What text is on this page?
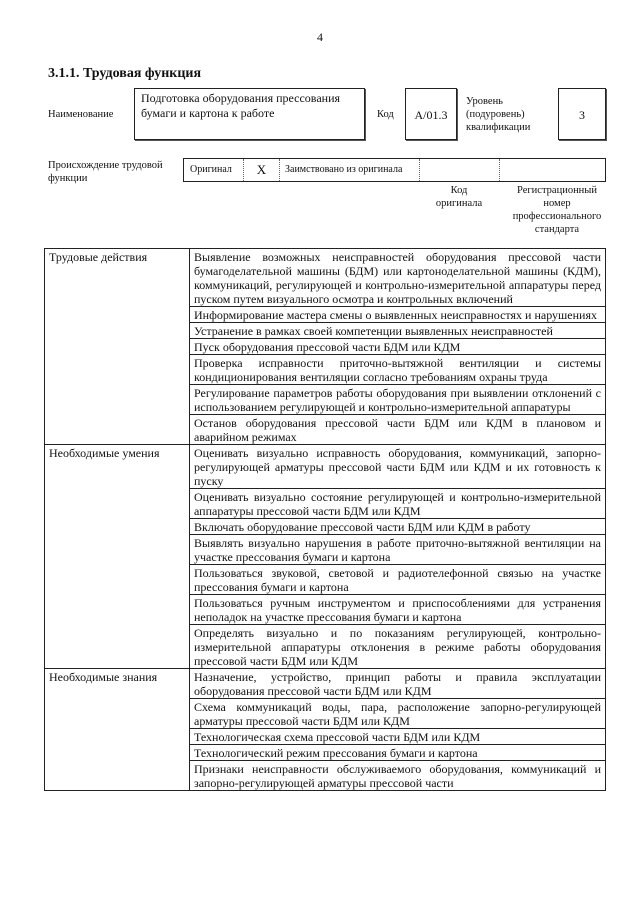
4
3.1.1. Трудовая функция
Наименование
Подготовка оборудования прессования бумаги и картона к работе	Код	А/01.3
Уровень
(подуровень)
квалификации
3
Происхождение трудовой
функции
Оригинал	X	Заимствовано из оригинала
Код
оригинала
Регистрационный
номер
профессионального
стандарта
Трудовые действия	Выявление возможных неисправностей оборудования прессовой части бумагоделательной машины (БДМ) или картоноделательной машины (КДМ), коммуникаций, регулирующей и контрольно-измерительной аппаратуры перед пуском путем визуального осмотра и контрольных включений
	Информирование мастера смены о выявленных неисправностях и нарушениях
	Устранение в рамках своей компетенции выявленных неисправностей
	Пуск оборудования прессовой части БДМ или КДМ
	Проверка исправности приточно-вытяжной вентиляции и системы кондиционирования вентиляции согласно требованиям охраны труда
	Регулирование параметров работы оборудования при выявлении отклонений с использованием регулирующей и контрольно-измерительной аппаратуры
	Останов оборудования прессовой части БДМ или КДМ в плановом и аварийном режимах
Необходимые умения	Оценивать визуально исправность оборудования, коммуникаций, запорно-регулирующей арматуры прессовой части БДМ или КДМ и их готовность к пуску
	Оценивать визуально состояние регулирующей и контрольно-измерительной аппаратуры прессовой части БДМ или КДМ
	Включать оборудование прессовой части БДМ или КДМ в работу
	Выявлять визуально нарушения в работе приточно-вытяжной вентиляции на участке прессования бумаги и картона
	Пользоваться звуковой, световой и радиотелефонной связью на участке прессования бумаги и картона
	Пользоваться ручным инструментом и приспособлениями для устранения неполадок на участке прессования бумаги и картона
	Определять визуально и по показаниям регулирующей, контрольно-измерительной аппаратуры отклонения в режиме работы оборудования прессовой части БДМ или КДМ
Необходимые знания	Назначение, устройство, принцип работы и правила эксплуатации оборудования прессовой части БДМ или КДМ
	Схема коммуникаций воды, пара, расположение запорно-регулирующей арматуры прессовой части БДМ или КДМ
	Технологическая схема прессовой части БДМ или КДМ
	Технологический режим прессования бумаги и картона
	Признаки неисправности обслуживаемого оборудования, коммуникаций и запорно-регулирующей арматуры прессовой части
